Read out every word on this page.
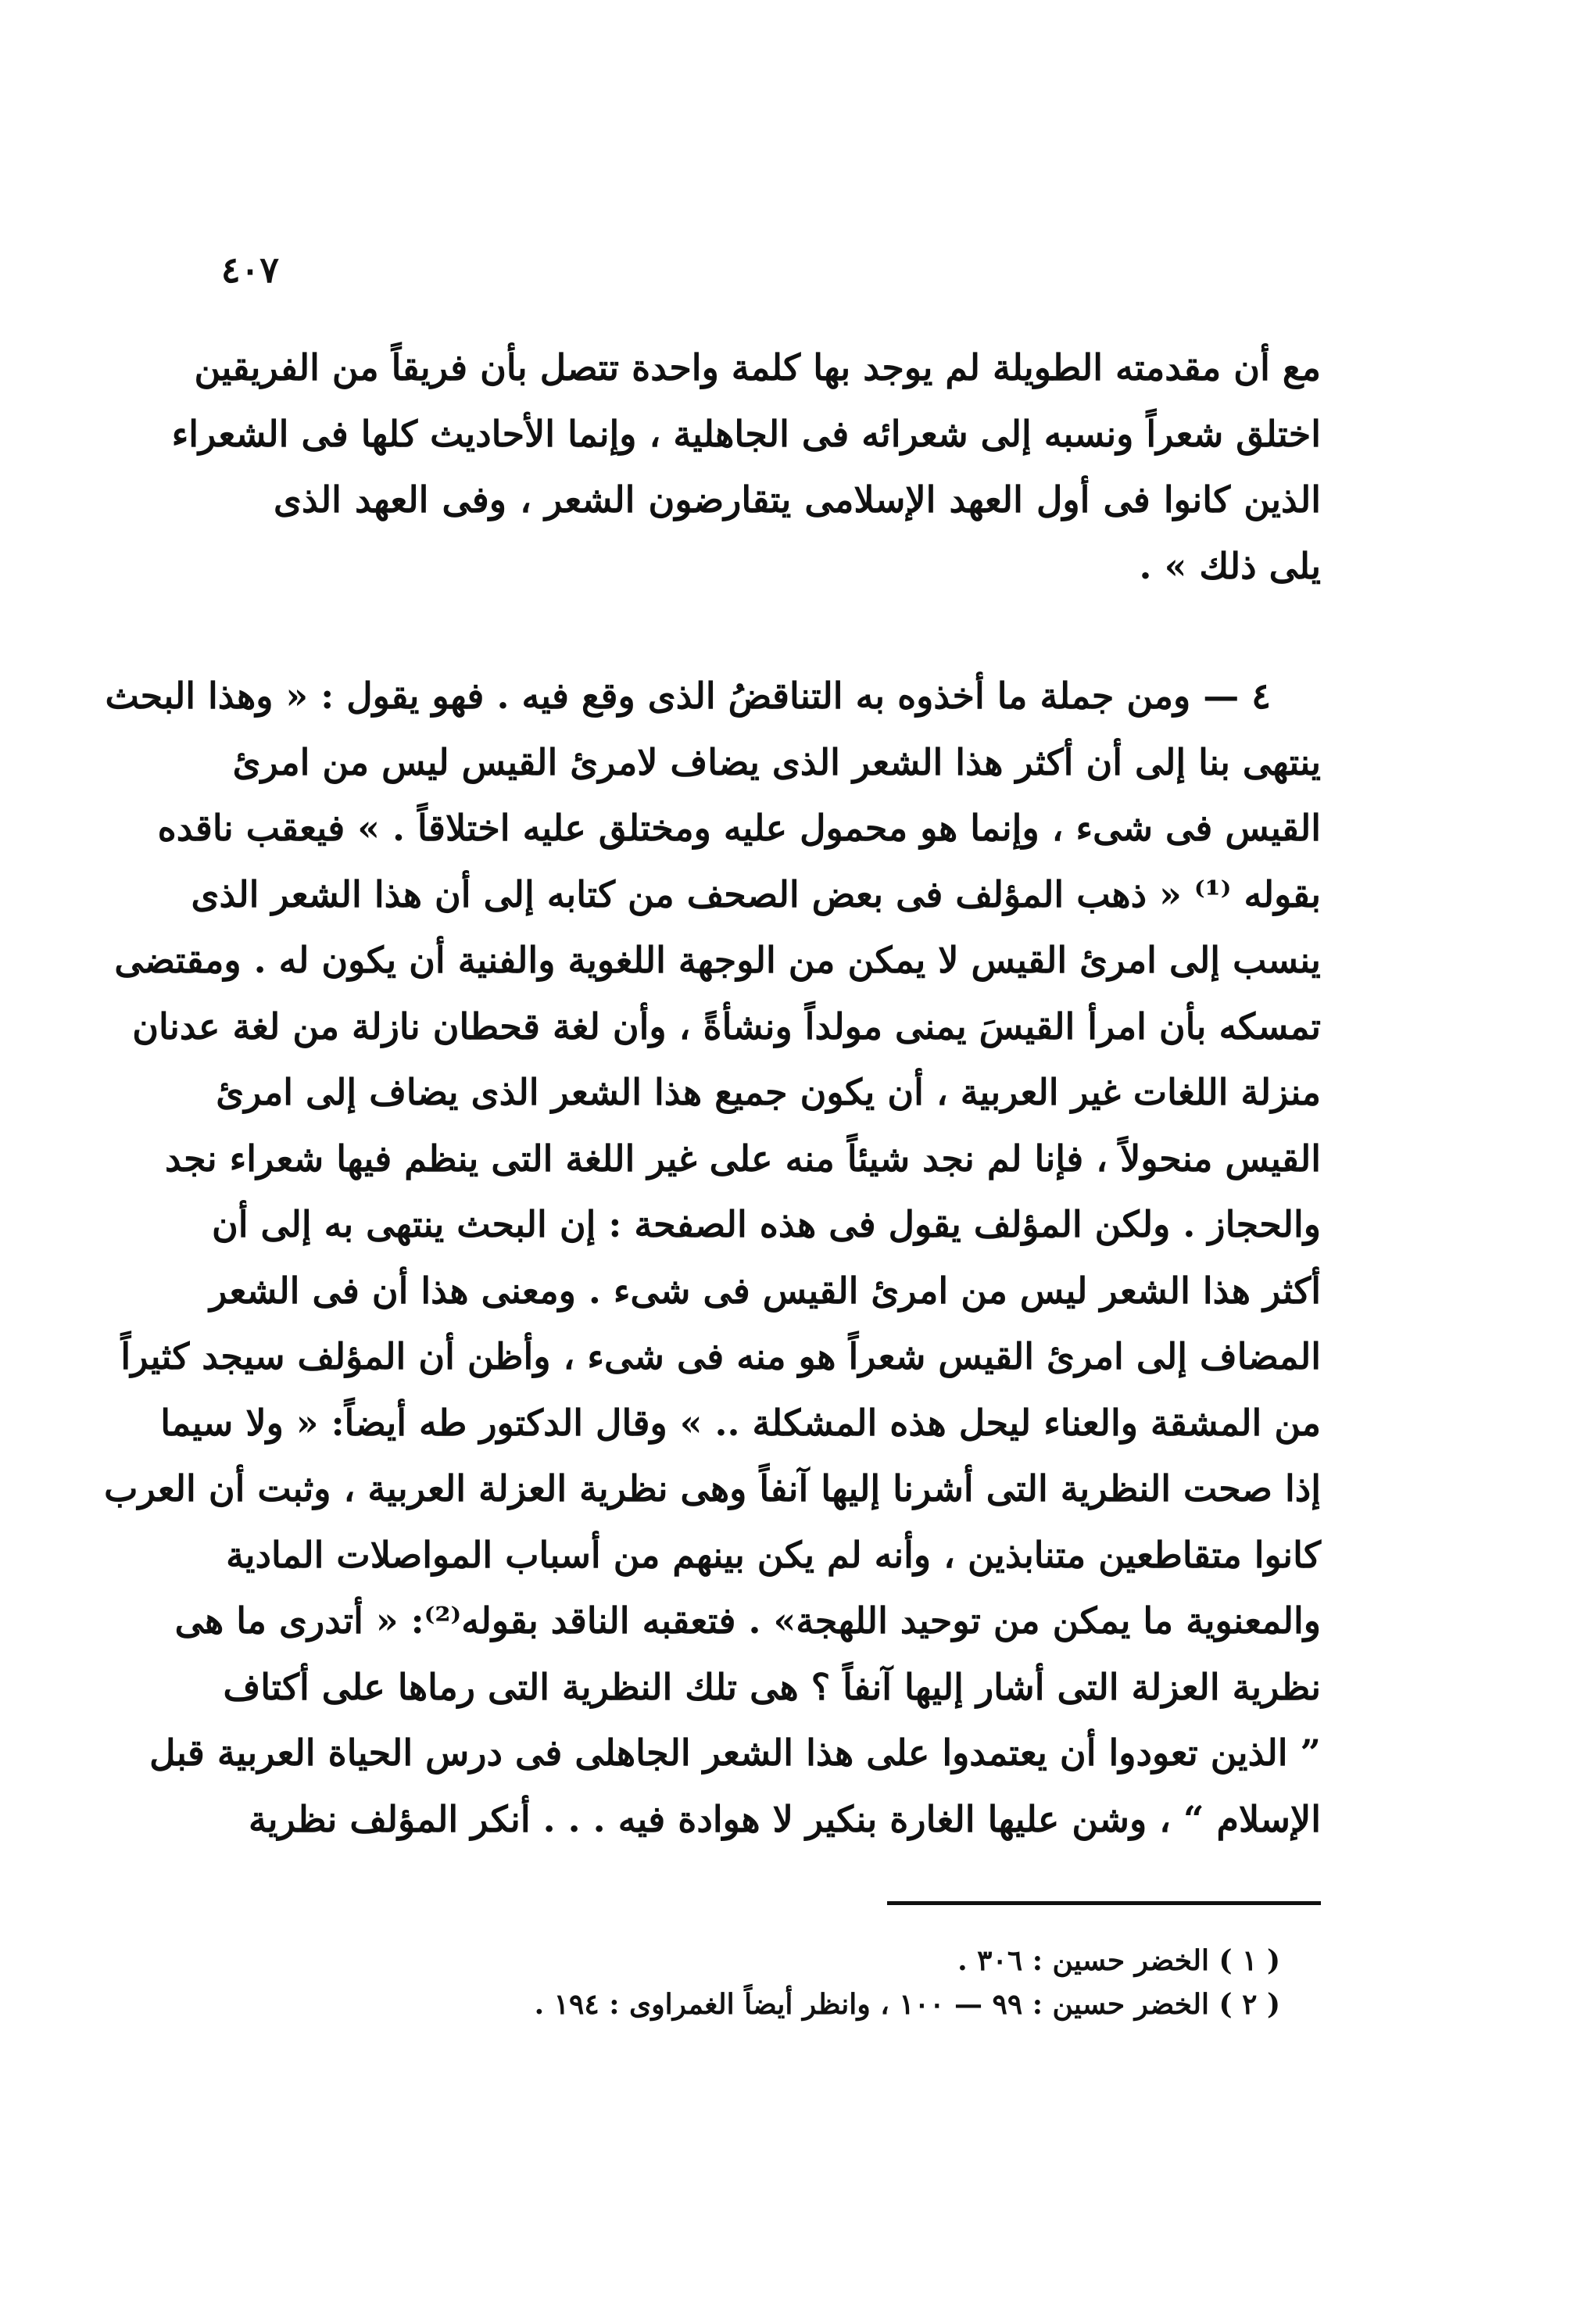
٤٠٧
مع أن مقدمته الطويلة لم يوجد بها كلمة واحدة تتصل بأن فريقاً من الفريقين
اختلق شعراً ونسبه إلى شعرائه فى الجاهلية ، وإنما الأحاديث كلها فى الشعراء
الذين كانوا فى أول العهد الإسلامى يتقارضون الشعر ، وفى العهد الذى
يلى ذلك » .
٤ — ومن جملة ما أخذوه به التناقضُ الذى وقع فيه . فهو يقول : « وهذا البحث
ينتهى بنا إلى أن أكثر هذا الشعر الذى يضاف لامرئ القيس ليس من امرئ
القيس فى شىء ، وإنما هو محمول عليه ومختلق عليه اختلاقاً . » فيعقب ناقده
بقوله ⁽¹⁾ « ذهب المؤلف فى بعض الصحف من كتابه إلى أن هذا الشعر الذى
ينسب إلى امرئ القيس لا يمكن من الوجهة اللغوية والفنية أن يكون له . ومقتضى
تمسكه بأن امرأ القيسَ يمنى مولداً ونشأةً ، وأن لغة قحطان نازلة من لغة عدنان
منزلة اللغات غير العربية ، أن يكون جميع هذا الشعر الذى يضاف إلى امرئ
القيس منحولاً ، فإنا لم نجد شيئاً منه على غير اللغة التى ينظم فيها شعراء نجد
والحجاز . ولكن المؤلف يقول فى هذه الصفحة : إن البحث ينتهى به إلى أن
أكثر هذا الشعر ليس من امرئ القيس فى شىء . ومعنى هذا أن فى الشعر
المضاف إلى امرئ القيس شعراً هو منه فى شىء ، وأظن أن المؤلف سيجد كثيراً
من المشقة والعناء ليحل هذه المشكلة .. » وقال الدكتور طه أيضاً: « ولا سيما
إذا صحت النظرية التى أشرنا إليها آنفاً وهى نظرية العزلة العربية ، وثبت أن العرب
كانوا متقاطعين متنابذين ، وأنه لم يكن بينهم من أسباب المواصلات المادية
والمعنوية ما يمكن من توحيد اللهجة» . فتعقبه الناقد بقوله⁽²⁾: « أتدرى ما هى
نظرية العزلة التى أشار إليها آنفاً ؟ هى تلك النظرية التى رماها على أكتاف
” الذين تعودوا أن يعتمدوا على هذا الشعر الجاهلى فى درس الحياة العربية قبل
الإسلام “ ، وشن عليها الغارة بنكير لا هوادة فيه . . . أنكر المؤلف نظرية
( ١ ) الخضر حسين : ٣٠٦ .
( ٢ ) الخضر حسين : ٩٩ — ١٠٠ ، وانظر أيضاً الغمراوى : ١٩٤ .
